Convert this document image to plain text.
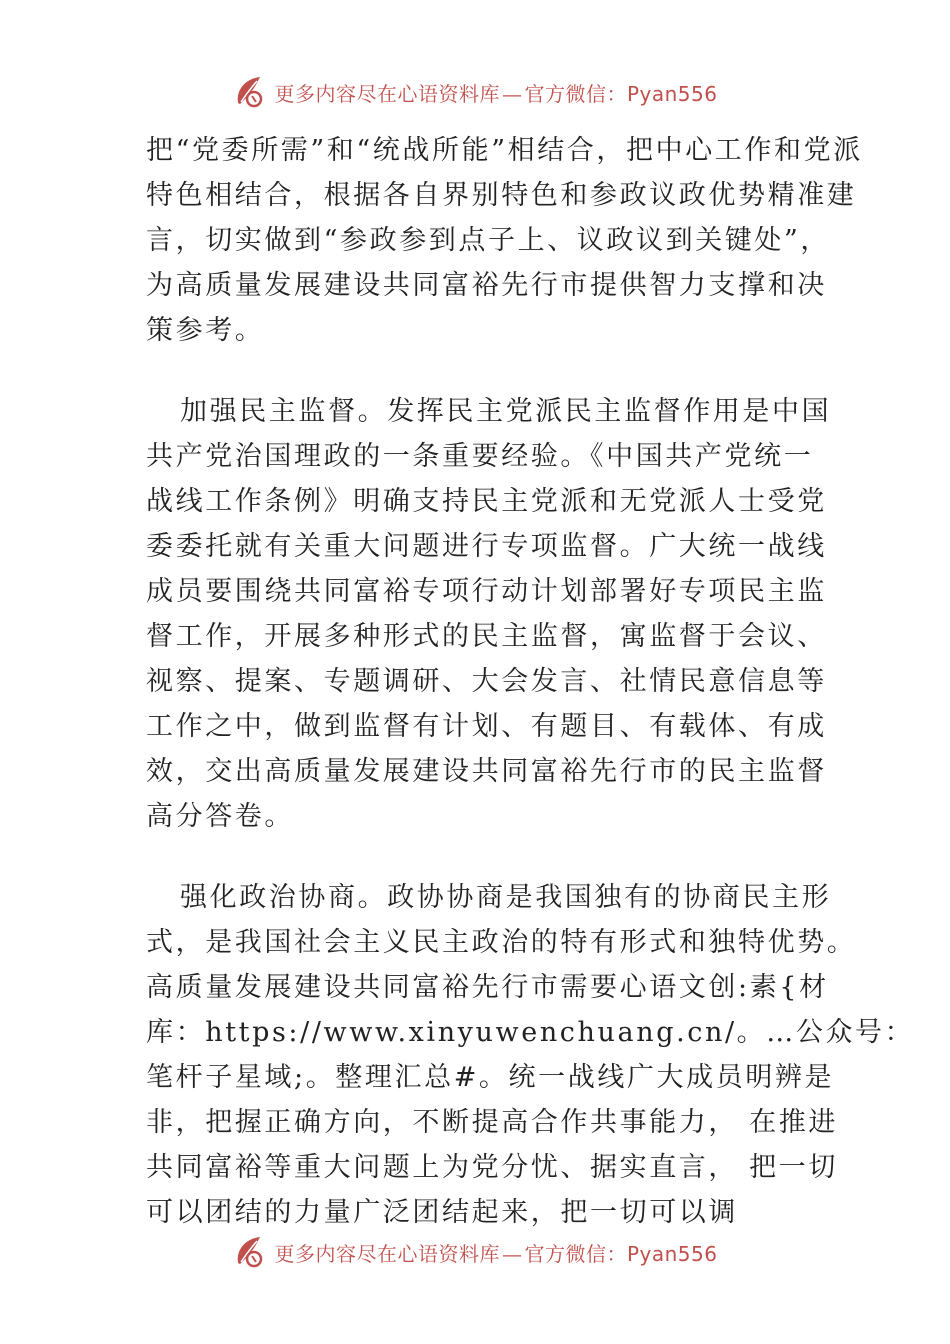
更多内容尽在心语资料库 — 官方微信：Pyan556
把“党委所需”和“统战所能”相结合，把中心工作和党派
特色相结合，根据各自界别特色和参政议政优势精准建
言，切实做到“参政参到点子上、议政议到关键处”，
为高质量发展建设共同富裕先行市提供智力支撑和决
策参考。
加强民主监督。发挥民主党派民主监督作用是中国
共产党治国理政的一条重要经验。《中国共产党统一
战线工作条例》明确支持民主党派和无党派人士受党
委委托就有关重大问题进行专项监督。广大统一战线
成员要围绕共同富裕专项行动计划部署好专项民主监
督工作，开展多种形式的民主监督，寓监督于会议、
视察、提案、专题调研、大会发言、社情民意信息等
工作之中，做到监督有计划、有题目、有载体、有成
效，交出高质量发展建设共同富裕先行市的民主监督
高分答卷。
强化政治协商。政协协商是我国独有的协商民主形
式，是我国社会主义民主政治的特有形式和独特优势。
高质量发展建设共同富裕先行市需要心语文创:素{材
库：https://www.xinyuwenchuang.cn/。…公众号：
笔杆子星域;。整理汇总#。统一战线广大成员明辨是
非，把握正确方向，不断提高合作共事能力， 在推进
共同富裕等重大问题上为党分忧、据实直言， 把一切
可以团结的力量广泛团结起来，把一切可以调
更多内容尽在心语资料库 — 官方微信：Pyan556
